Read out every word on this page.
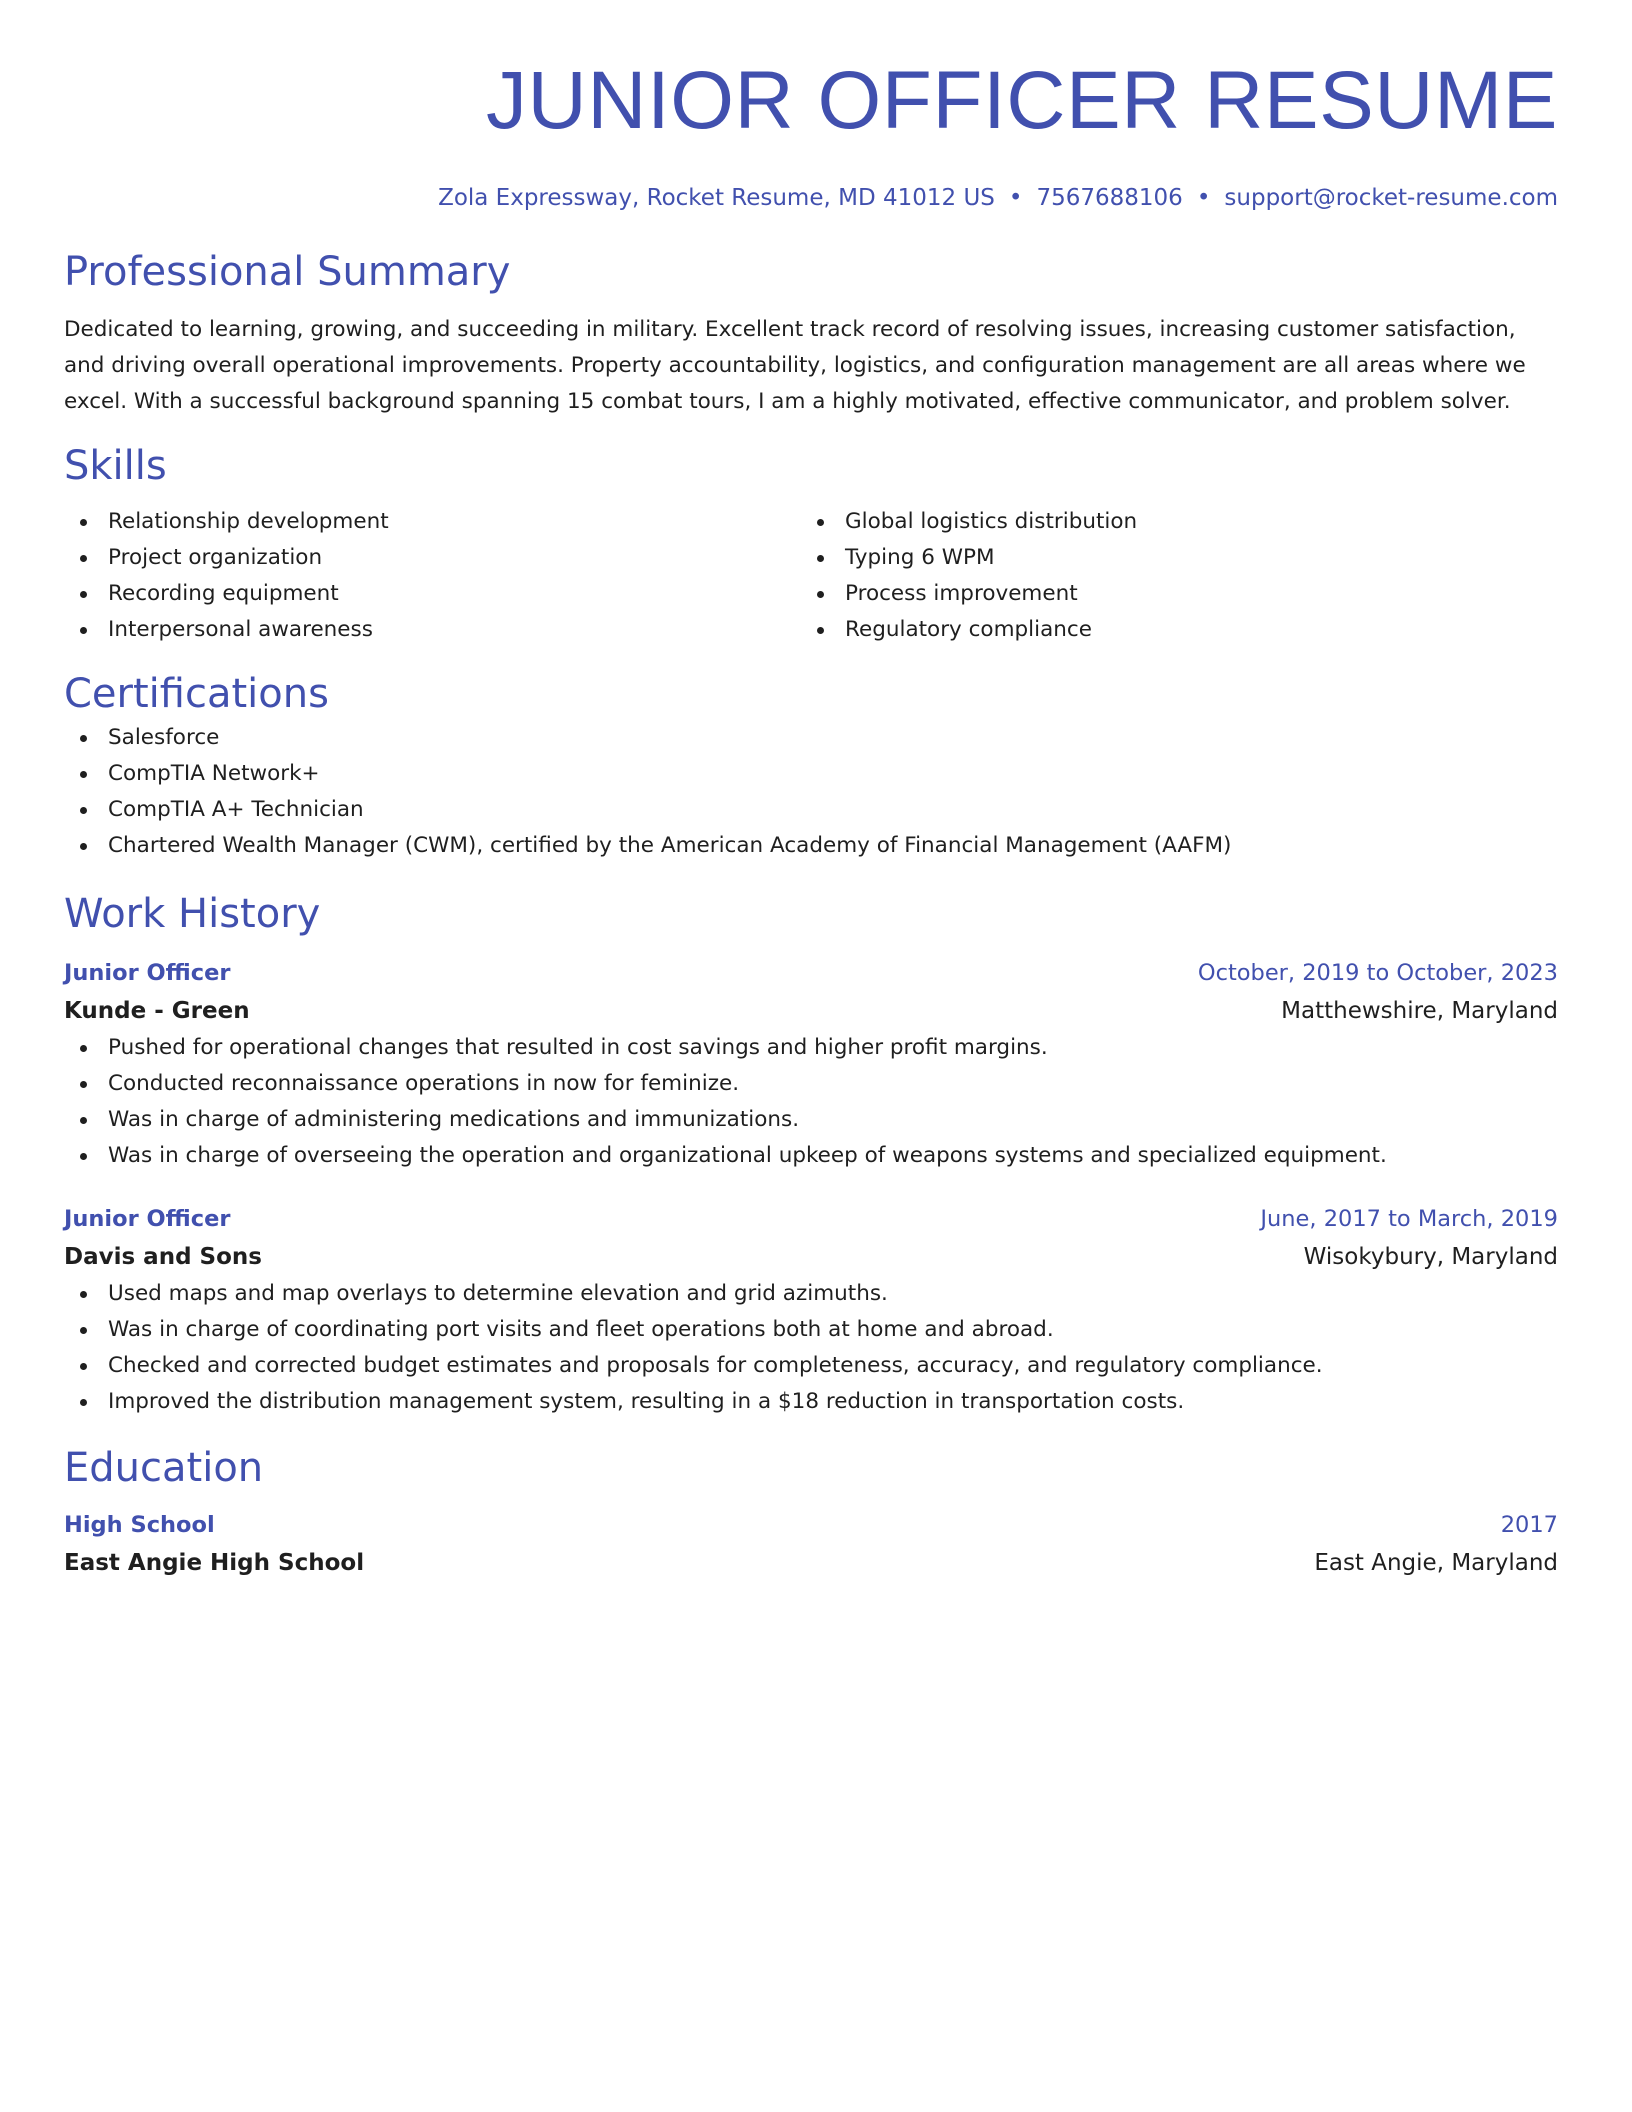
JUNIOR OFFICER RESUME
Zola Expressway, Rocket Resume, MD 41012 US • 7567688106 • support@rocket-resume.com
Professional Summary

Dedicated to learning, growing, and succeeding in military. Excellent track record of resolving issues, increasing customer satisfaction, and driving overall operational improvements. Property accountability, logistics, and configuration management are all areas where we excel. With a successful background spanning 15 combat tours, I am a highly motivated, effective communicator, and problem solver.

Skills
Relationship development
Project organization
Recording equipment
Interpersonal awareness
Global logistics distribution
Typing 6 WPM
Process improvement
Regulatory compliance
Certifications
Salesforce
CompTIA Network+
CompTIA A+ Technician
Chartered Wealth Manager (CWM), certified by the American Academy of Financial Management (AAFM)
Work History
Junior Officer	October, 2019 to October, 2023
Kunde - Green	Matthewshire, Maryland
Pushed for operational changes that resulted in cost savings and higher profit margins.
Conducted reconnaissance operations in now for feminize.
Was in charge of administering medications and immunizations.
Was in charge of overseeing the operation and organizational upkeep of weapons systems and specialized equipment.
Junior Officer	June, 2017 to March, 2019
Davis and Sons	Wisokybury, Maryland
Used maps and map overlays to determine elevation and grid azimuths.
Was in charge of coordinating port visits and fleet operations both at home and abroad.
Checked and corrected budget estimates and proposals for completeness, accuracy, and regulatory compliance.
Improved the distribution management system, resulting in a $18 reduction in transportation costs.
Education
High School	2017
East Angie High School	East Angie, Maryland
